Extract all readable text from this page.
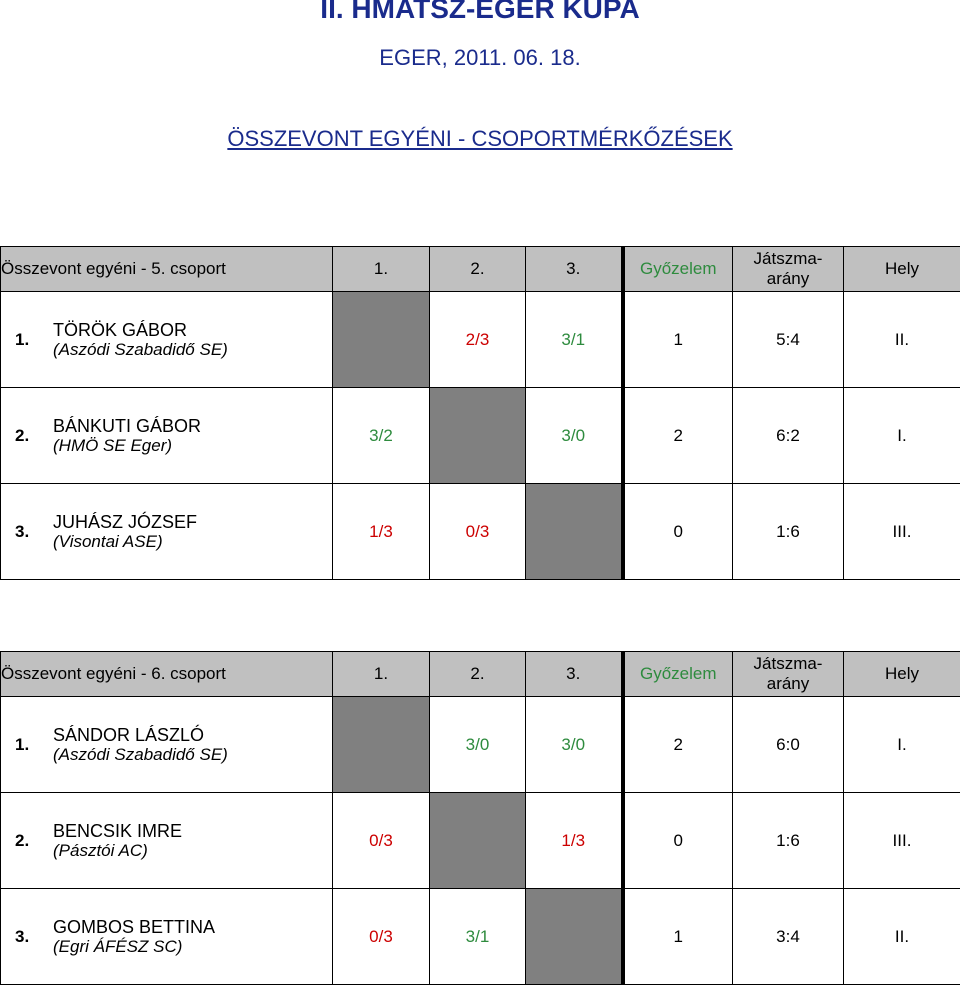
II. HMATSZ-EGER KUPA
EGER, 2011. 06. 18.
ÖSSZEVONT EGYÉNI - CSOPORTMÉRKŐZÉSEK
Összevont egyéni - 5. csoport	1.	2.	3.	Győzelem	Játszma-
arány	Hely

1. TÖRÖK GÁBOR
(Aszódi Szabadidő SE)		2/3	3/1	1	5:4	II.

2. BÁNKUTI GÁBOR
(HMÖ SE Eger)	3/2		3/0	2	6:2	I.

3. JUHÁSZ JÓZSEF
(Visontai ASE)	1/3	0/3		0	1:6	III.
Összevont egyéni - 6. csoport	1.	2.	3.	Győzelem	Játszma-
arány	Hely

1. SÁNDOR LÁSZLÓ
(Aszódi Szabadidő SE)		3/0	3/0	2	6:0	I.

2. BENCSIK IMRE
(Pásztói AC)	0/3		1/3	0	1:6	III.

3. GOMBOS BETTINA
(Egri ÁFÉSZ SC)	0/3	3/1		1	3:4	II.
